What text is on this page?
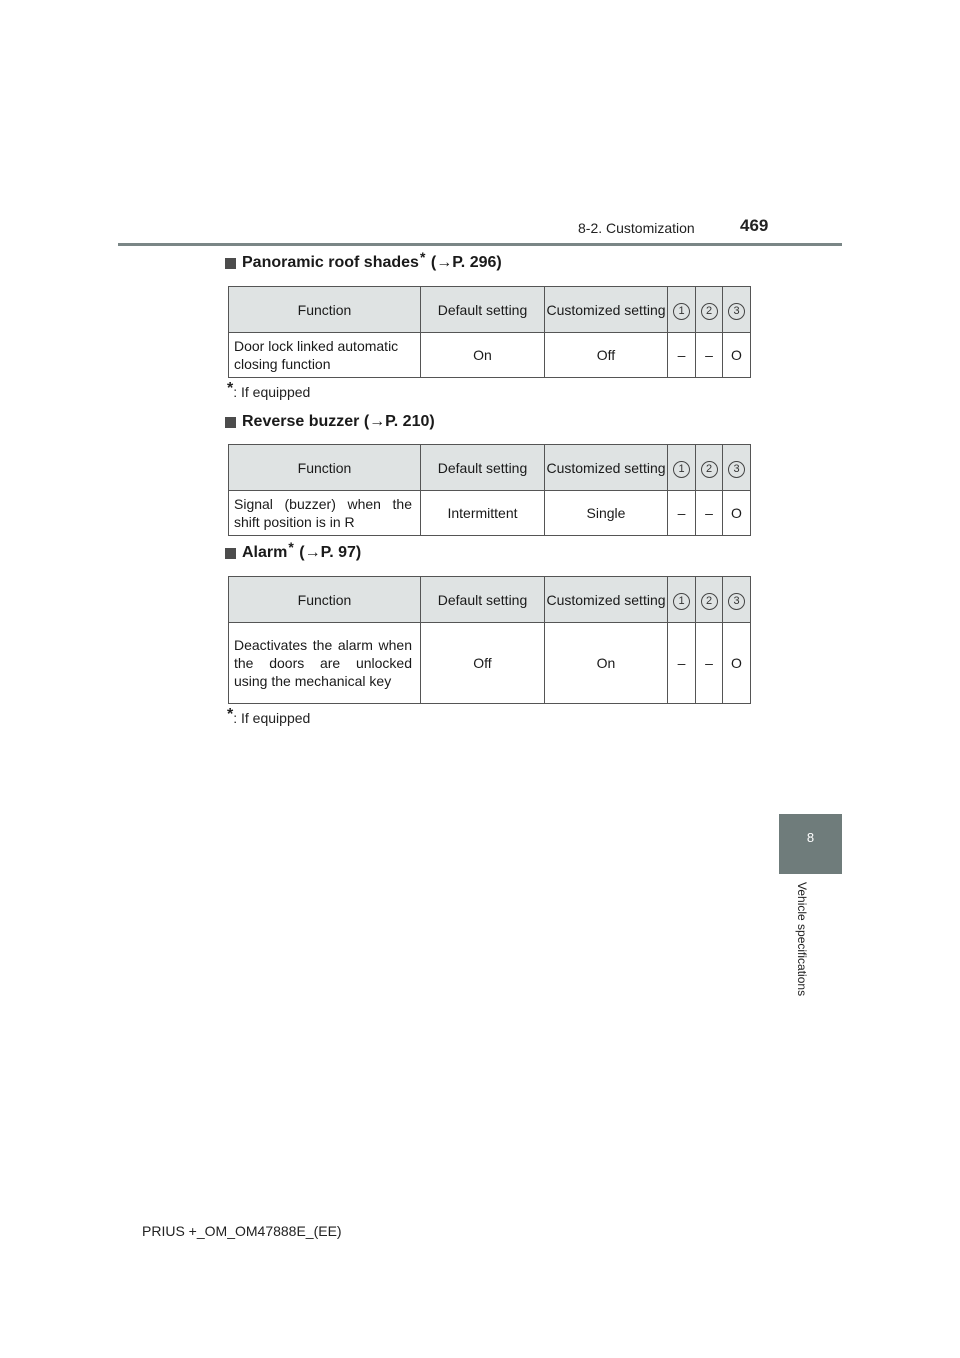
8-2. Customization	469
8
Vehicle specifications
Panoramic roof shades *
(→P. 296)
Function	Default setting	Customized setting	1	2	3
Door lock linked automatic closing function	On	Off	–	–	O
*: If equipped
Reverse buzzer
(→P. 210)
Function	Default setting	Customized setting	1	2	3
Signal (buzzer) when the shift position is in R	Intermittent	Single	–	–	O
Alarm *
(→P. 97)
Function	Default setting	Customized setting	1	2	3
Deactivates the alarm when the doors are unlocked using the mechanical key	Off	On	–	–	O
*: If equipped
PRIUS +_OM_OM47888E_(EE)
